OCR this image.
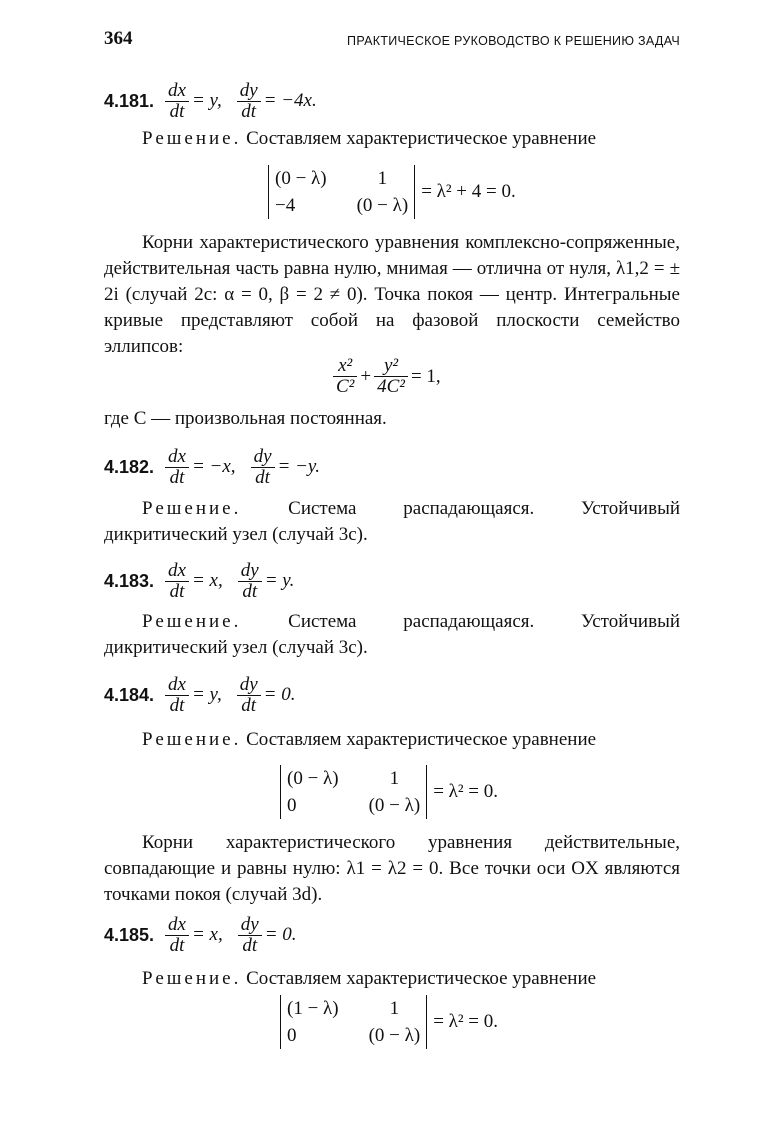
364	ПРАКТИЧЕСКОЕ РУКОВОДСТВО К РЕШЕНИЮ ЗАДАЧ
4.181. $\frac{dx}{dt} = y$, $\frac{dy}{dt} = -4x$.
Решение. Составляем характеристическое уравнение
(0 − λ)	1
−4	(0 − λ)
= λ² + 4 = 0.
Корни характеристического уравнения комплексно-сопряженные, действительная часть равна нулю, мнимая — отлична от нуля, λ1,2 = ± 2i (случай 2с: α = 0, β = 2 ≠ 0). Точка покоя — центр. Интегральные кривые представляют собой на фазовой плоскости семейство эллипсов:
$\frac{\text{x²}}{\text{C²}} + \frac{\text{y²}}{\text{4C²}} = 1$,
где C — произвольная постоянная.
4.182. $\frac{dx}{dt} = -x$, $\frac{dy}{dt} = -y$.
Решение. Система распадающаяся. Устойчивый дикритический узел (случай 3с).
4.183. $\frac{dx}{dt} = x$, $\frac{dy}{dt} = y$.
Решение. Система распадающаяся. Устойчивый дикритический узел (случай 3с).
4.184. $\frac{dx}{dt} = y$, $\frac{dy}{dt} = 0$.
Решение. Составляем характеристическое уравнение
(0 − λ)	1
0	(0 − λ)
= λ² = 0.
Корни характеристического уравнения действительные, совпадающие и равны нулю: λ1 = λ2 = 0. Все точки оси OX являются точками покоя (случай 3d).
4.185. $\frac{dx}{dt} = x$, $\frac{dy}{dt} = 0$.
Решение. Составляем характеристическое уравнение
(1 − λ)	1
0	(0 − λ)
= λ² = 0.
